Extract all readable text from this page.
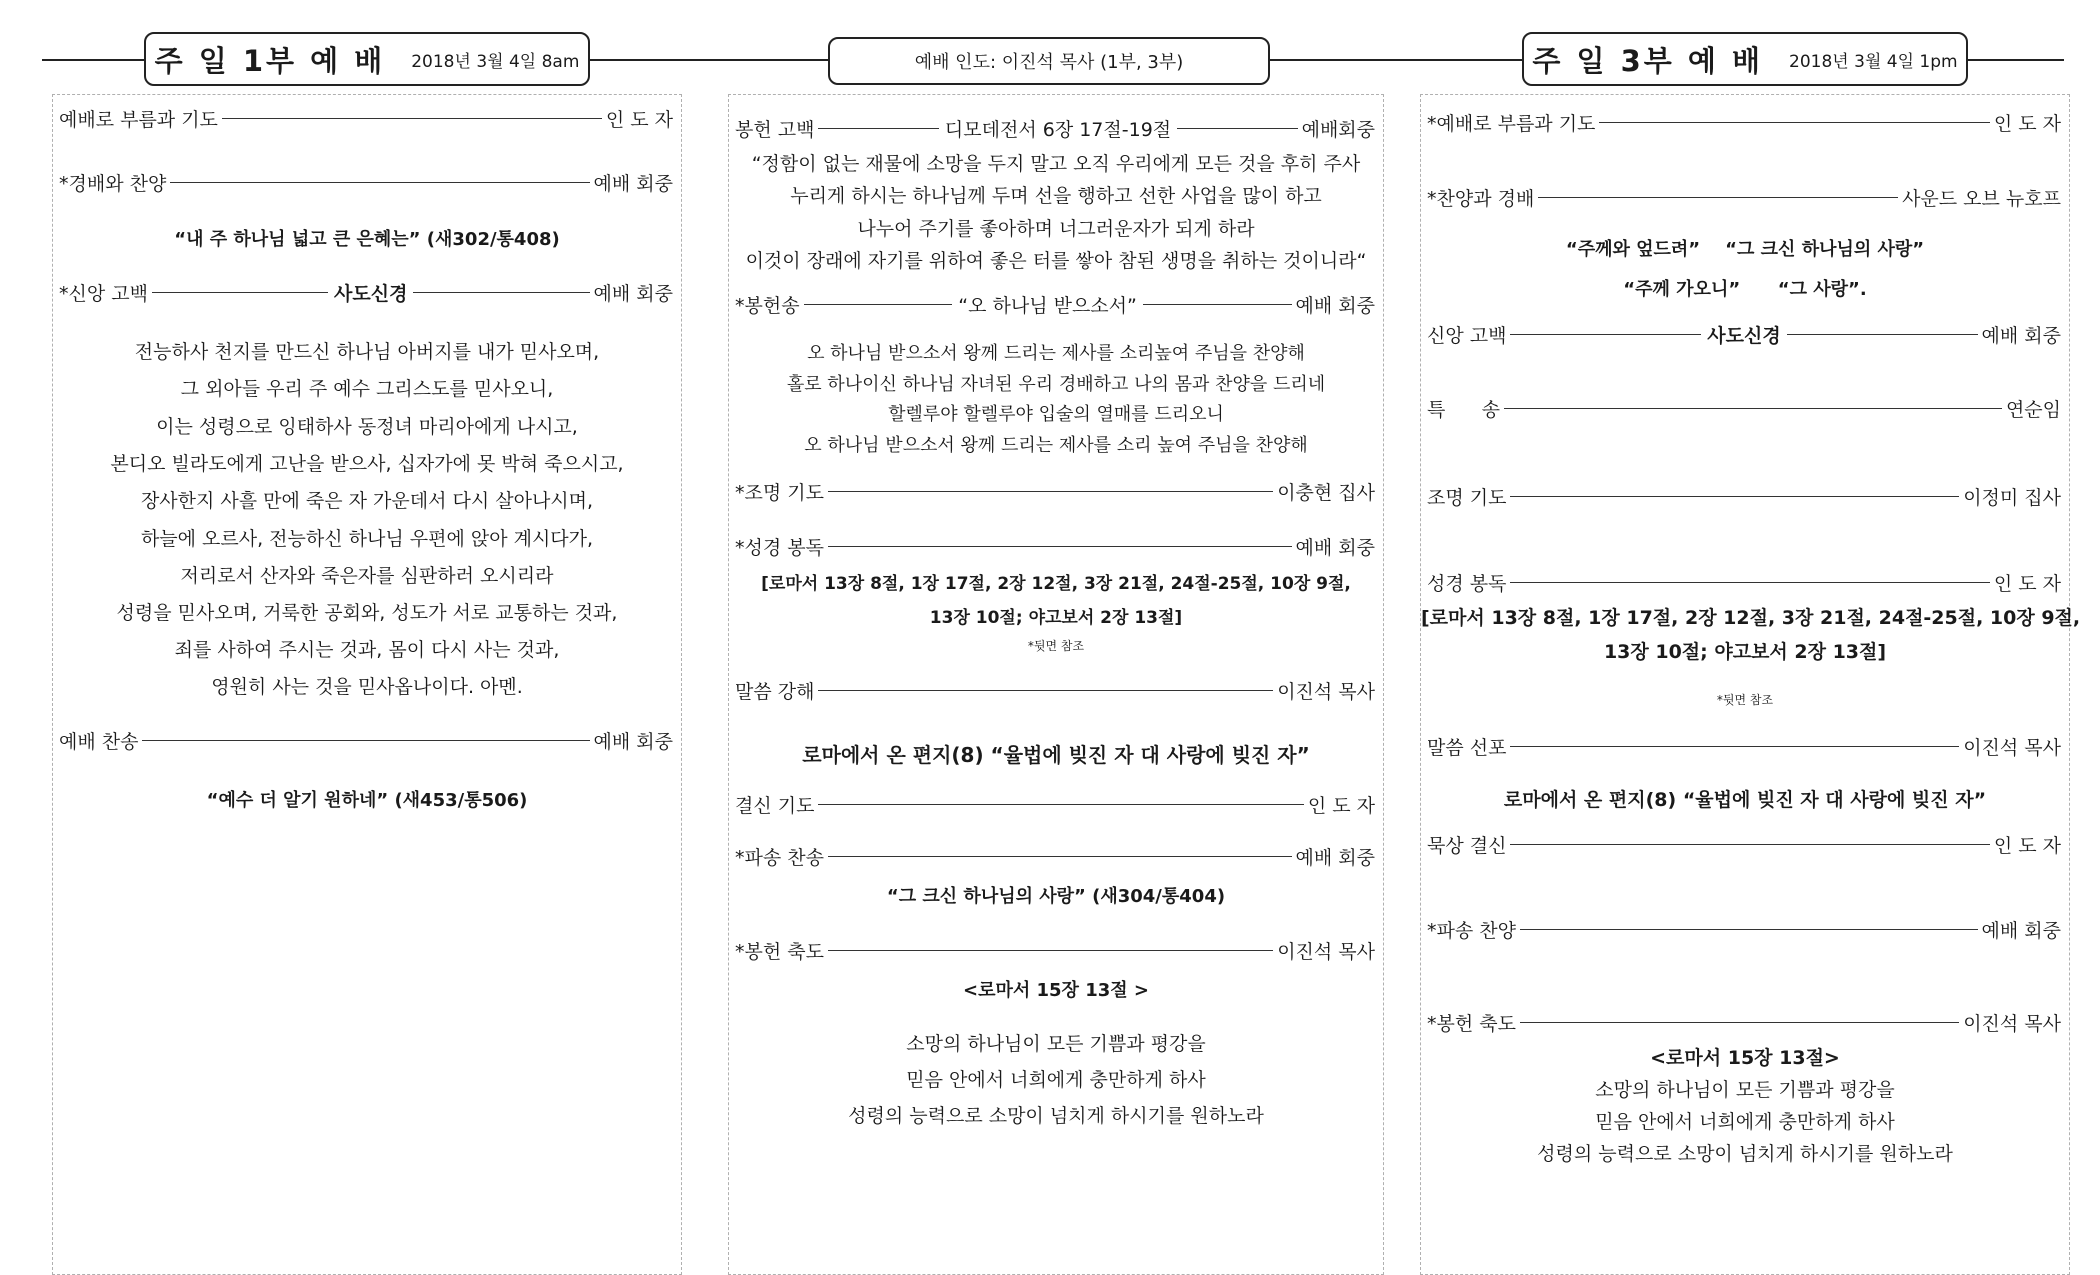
주 일 1부 예 배 2018년 3월 4일 8am	예배 인도: 이진석 목사 (1부, 3부)	주 일 3부 예 배 2018년 3월 4일 1pm
예배로 부름과 기도	인 도 자
*경배와 찬양	예배 회중
“내 주 하나님 넓고 큰 은혜는” (새302/통408)
*신앙 고백	사도신경	예배 회중
전능하사 천지를 만드신 하나님 아버지를 내가 믿사오며,
그 외아들 우리 주 예수 그리스도를 믿사오니,
이는 성령으로 잉태하사 동정녀 마리아에게 나시고,
본디오 빌라도에게 고난을 받으사, 십자가에 못 박혀 죽으시고,
장사한지 사흘 만에 죽은 자 가운데서 다시 살아나시며,
하늘에 오르사, 전능하신 하나님 우편에 앉아 계시다가,
저리로서 산자와 죽은자를 심판하러 오시리라
성령을 믿사오며, 거룩한 공회와, 성도가 서로 교통하는 것과,
죄를 사하여 주시는 것과, 몸이 다시 사는 것과,
영원히 사는 것을 믿사옵나이다. 아멘.
예배 찬송	예배 회중
“예수 더 알기 원하네” (새453/통506)
봉헌 고백	디모데전서 6장 17절-19절	예배회중
“정함이 없는 재물에 소망을 두지 말고 오직 우리에게 모든 것을 후히 주사
누리게 하시는 하나님께 두며 선을 행하고 선한 사업을 많이 하고
나누어 주기를 좋아하며 너그러운자가 되게 하라
이것이 장래에 자기를 위하여 좋은 터를 쌓아 참된 생명을 취하는 것이니라“
*봉헌송	“오 하나님 받으소서”	예배 회중
오 하나님 받으소서 왕께 드리는 제사를 소리높여 주님을 찬양해
홀로 하나이신 하나님 자녀된 우리 경배하고 나의 몸과 찬양을 드리네
할렐루야 할렐루야 입술의 열매를 드리오니
오 하나님 받으소서 왕께 드리는 제사를 소리 높여 주님을 찬양해
*조명 기도	이충현 집사
*성경 봉독	예배 회중
[로마서 13장 8절, 1장 17절, 2장 12절, 3장 21절, 24절-25절, 10장 9절,
13장 10절; 야고보서 2장 13절]
*뒷면 참조
말씀 강해	이진석 목사
로마에서 온 편지(8) “율법에 빚진 자 대 사랑에 빚진 자”
결신 기도	인 도 자
*파송 찬송	예배 회중
“그 크신 하나님의 사랑” (새304/통404)
*봉헌 축도	이진석 목사
<로마서 15장 13절 >
소망의 하나님이 모든 기쁨과 평강을
믿음 안에서 너희에게 충만하게 하사
성령의 능력으로 소망이 넘치게 하시기를 원하노라
*예배로 부름과 기도	인 도 자
*찬양과 경배	사운드 오브 뉴호프
“주께와 엎드려”    “그 크신 하나님의 사랑”
“주께 가오니”      “그 사랑”.
신앙 고백	사도신경	예배 회중
특      송	연순임
조명 기도	이정미 집사
성경 봉독	인 도 자
[로마서 13장 8절, 1장 17절, 2장 12절, 3장 21절, 24절-25절, 10장 9절,
13장 10절; 야고보서 2장 13절]
*뒷면 참조
말씀 선포	이진석 목사
로마에서 온 편지(8) “율법에 빚진 자 대 사랑에 빚진 자”
묵상 결신	인 도 자
*파송 찬양	예배 회중
*봉헌 축도	이진석 목사
<로마서 15장 13절>
소망의 하나님이 모든 기쁨과 평강을
믿음 안에서 너희에게 충만하게 하사
성령의 능력으로 소망이 넘치게 하시기를 원하노라
